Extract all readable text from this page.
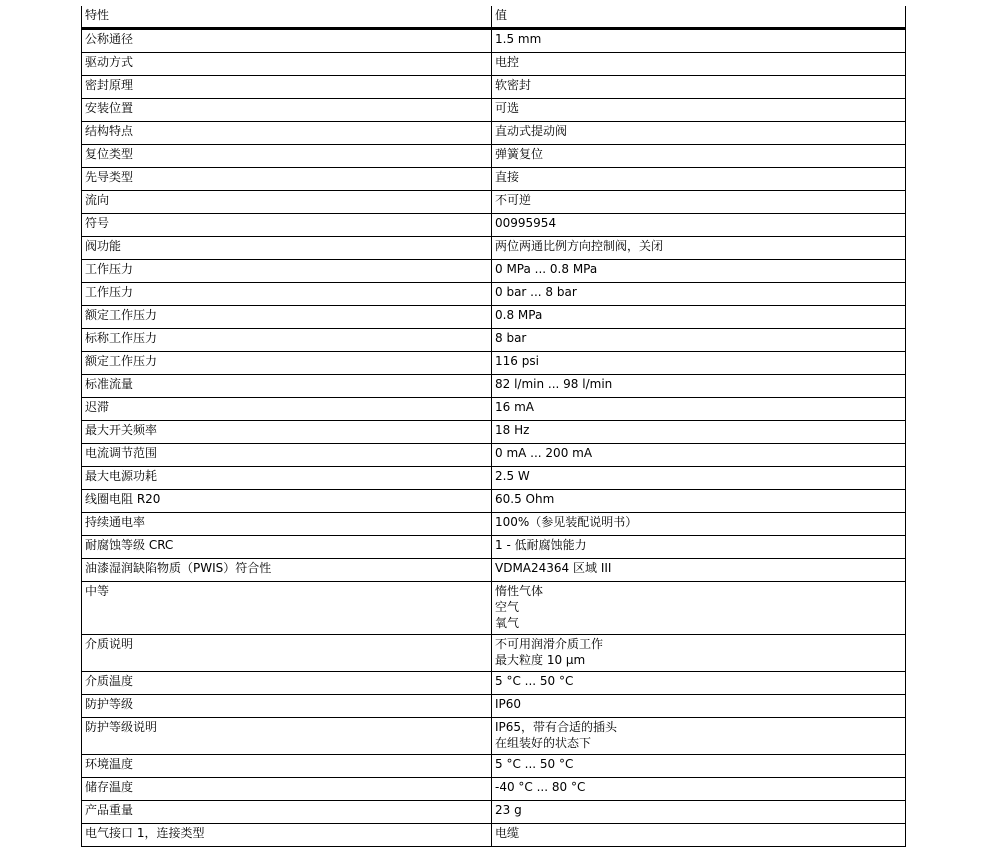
特性	值
公称通径	1.5 mm

驱动方式	电控

密封原理	软密封

安装位置	可选

结构特点	直动式提动阀

复位类型	弹簧复位

先导类型	直接

流向	不可逆

符号	00995954

阀功能	两位两通比例方向控制阀，关闭

工作压力	0 MPa ... 0.8 MPa

工作压力	0 bar ... 8 bar

额定工作压力	0.8 MPa

标称工作压力	8 bar

额定工作压力	116 psi

标准流量	82 l/min ... 98 l/min

迟滞	16 mA

最大开关频率	18 Hz

电流调节范围	0 mA ... 200 mA

最大电源功耗	2.5 W

线圈电阻 R20	60.5 Ohm

持续通电率	100%（参见装配说明书）

耐腐蚀等级 CRC	1 - 低耐腐蚀能力

油漆湿润缺陷物质（PWIS）符合性	VDMA24364 区域 III

中等	惰性气体
空气
氧气

介质说明	不可用润滑介质工作
最大粒度 10 µm

介质温度	5 °C ... 50 °C

防护等级	IP60

防护等级说明	IP65，带有合适的插头
在组装好的状态下

环境温度	5 °C ... 50 °C

储存温度	-40 °C ... 80 °C

产品重量	23 g

电气接口 1，连接类型	电缆
